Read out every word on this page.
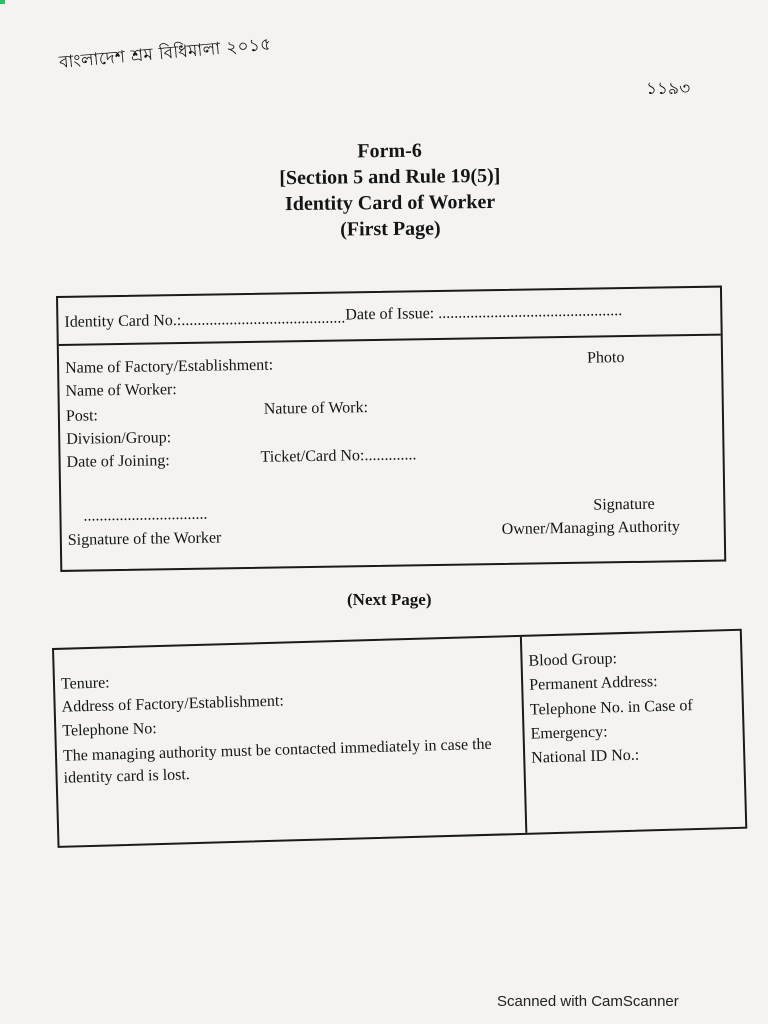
বাংলাদেশ শ্রম বিধিমালা ২০১৫
১১৯৩
Form-6
[Section 5 and Rule 19(5)]
Identity Card of Worker
(First Page)
Identity Card No.:......................................... Date of Issue: ..............................................
Name of Factory/Establishment:	Photo
Name of Worker:
Post:	Nature of Work:
Division/Group:
Date of Joining:	Ticket/Card No:.............
...............................
Signature of the Worker
Signature
Owner/Managing Authority
(Next Page)
Tenure:
Address of Factory/Establishment:
Telephone No:
The managing authority must be contacted immediately in case the identity card is lost.
Blood Group:
Permanent Address:
Telephone No. in Case of
Emergency:
National ID No.:
Scanned with CamScanner
